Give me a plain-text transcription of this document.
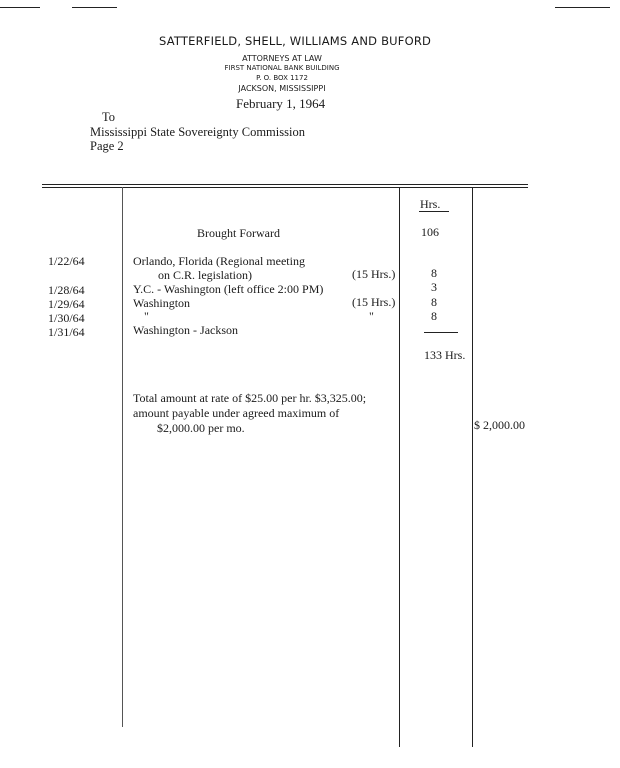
SATTERFIELD, SHELL, WILLIAMS AND BUFORD
ATTORNEYS AT LAW
FIRST NATIONAL BANK BUILDING
P. O. BOX 1172
JACKSON, MISSISSIPPI
February 1, 1964
To
Mississippi State Sovereignty Commission
Page 2
Hrs.
Brought Forward	106
1/22/64	Orlando, Florida (Regional meeting
on C.R. legislation)	(15 Hrs.)	8
1/28/64	Y.C. - Washington (left office 2:00 PM)	3
1/29/64	Washington	(15 Hrs.)	8
1/30/64	"	"	8
1/31/64	Washington - Jackson
133 Hrs.
Total amount at rate of $25.00 per hr. $3,325.00;
amount payable under agreed maximum of
$2,000.00 per mo.	$ 2,000.00
